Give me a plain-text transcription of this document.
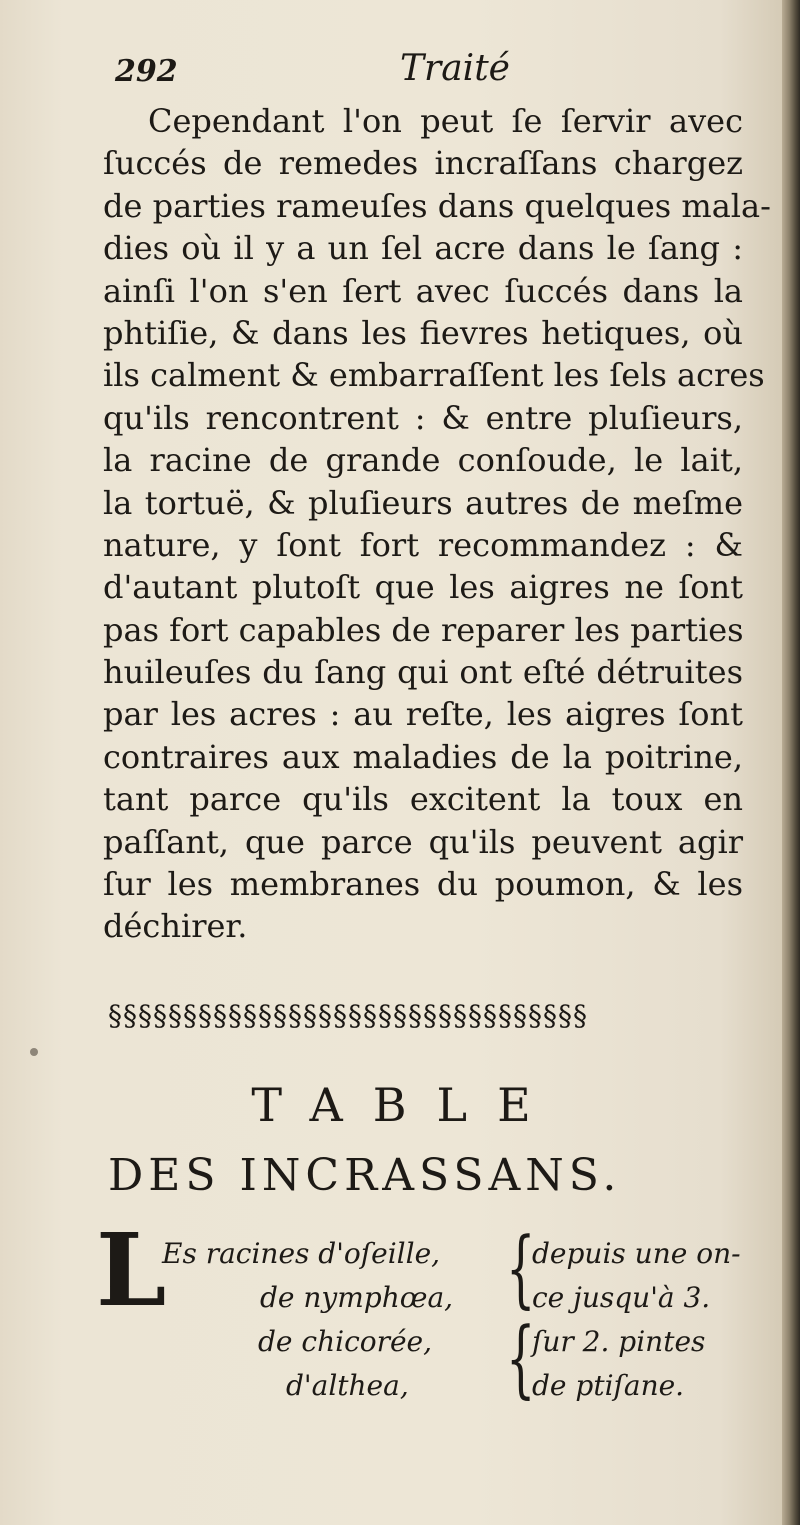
292	Traité
Cependant l'on peut ſe ſervir avec
ſuccés de remedes incraſſans chargez
de parties rameuſes dans quelques mala-
dies où il y a un ſel acre dans le ſang :
ainſi l'on s'en ſert avec ſuccés dans la
phtiſie, & dans les fievres hetiques, où
ils calment & embarraſſent les ſels acres
qu'ils rencontrent : & entre pluſieurs,
la racine de grande conſoude, le lait,
la tortuë, & pluſieurs autres de meſme
nature, y ſont fort recommandez : &
d'autant plutoſt que les aigres ne ſont
pas fort capables de reparer les parties
huileuſes du ſang qui ont eſté détruites
par les acres : au reſte, les aigres ſont
contraires aux maladies de la poitrine,
tant parce qu'ils excitent la toux en
paſſant, que parce qu'ils peuvent agir
ſur les membranes du poumon, & les
déchirer.
§§§§§§§§§§§§§§§§§§§§§§§§§§§§§§§§
TABLE
DES INCRASSANS.
L
Es racines d'oſeille,
de nymphœa,
de chicorée,
d'althea,
{
{
depuis une on-
ce jusqu'à 3.
ſur 2. pintes
de ptiſane.
